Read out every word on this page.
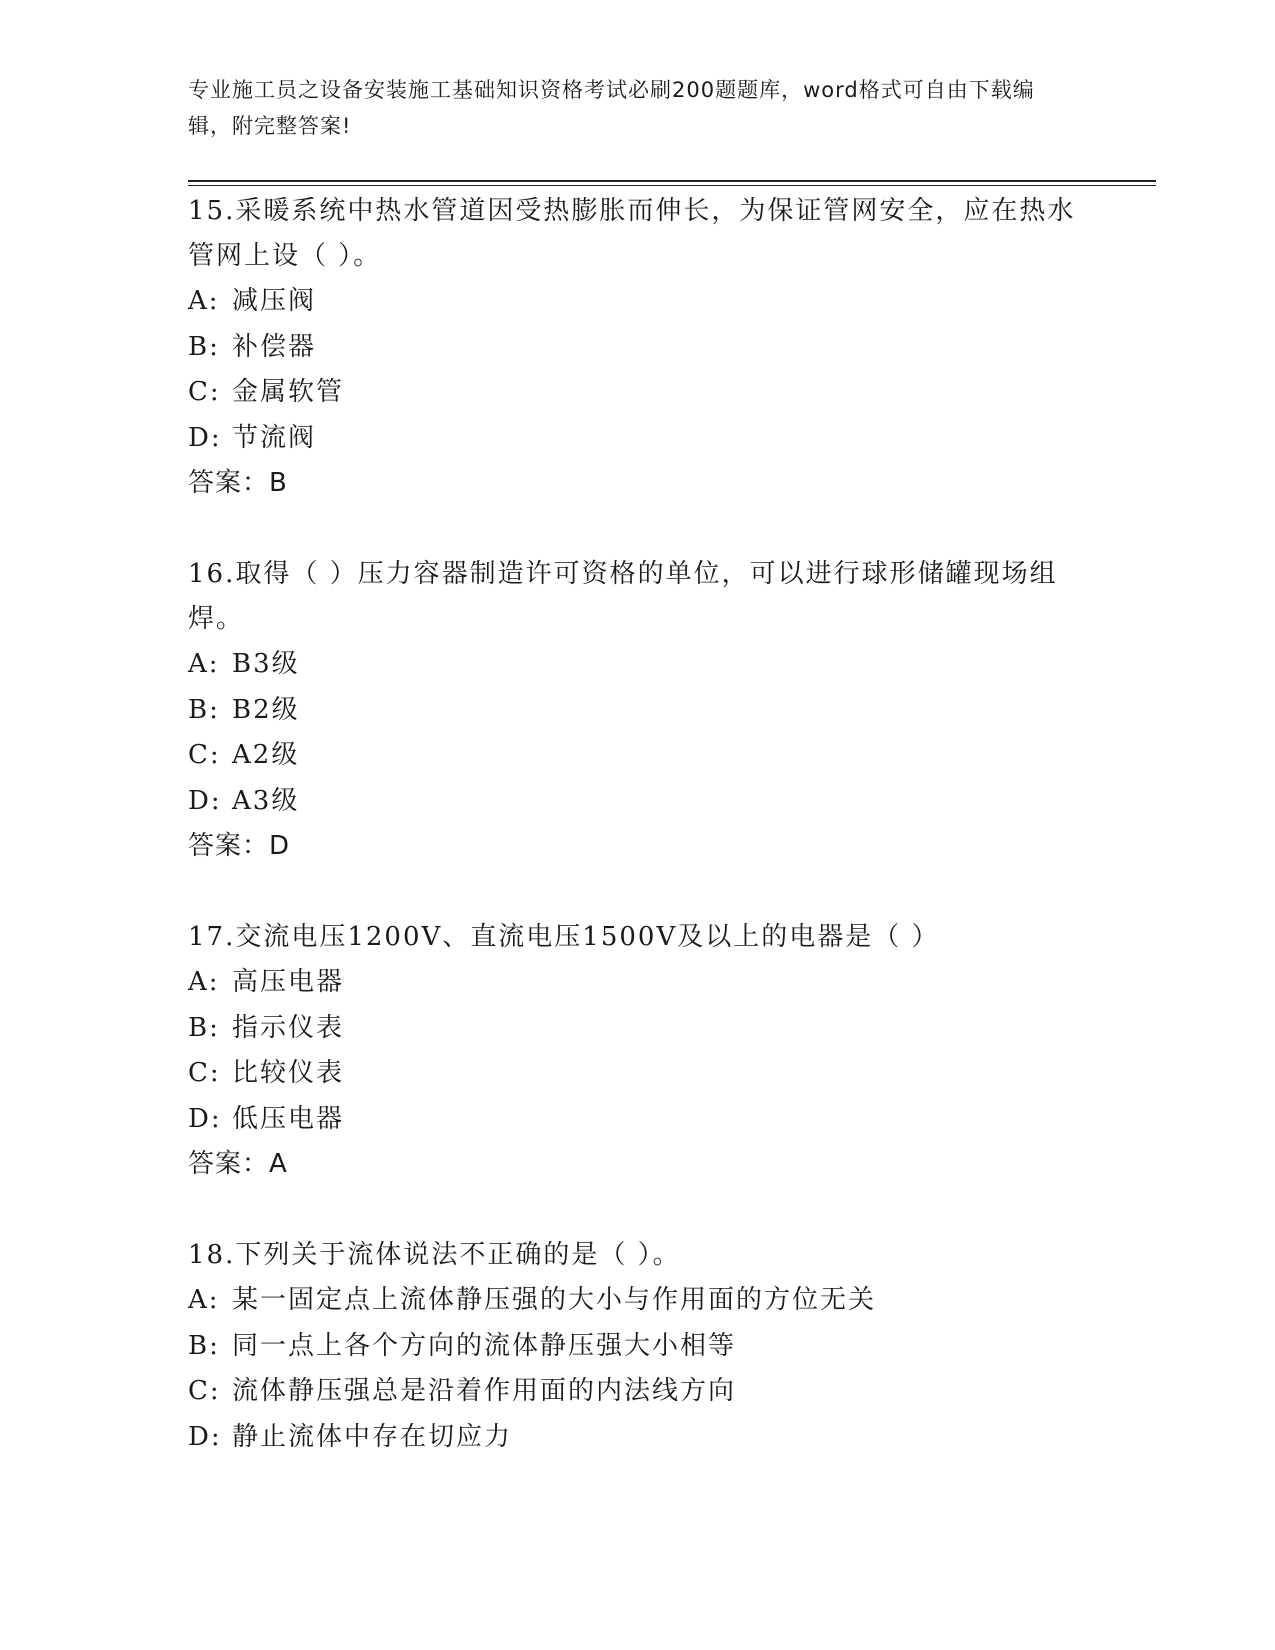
专业施工员之设备安装施工基础知识资格考试必刷200题题库，word格式可自由下载编辑，附完整答案!

15.采暖系统中热水管道因受热膨胀而伸长，为保证管网安全，应在热水管网上设（ ）。

A: 减压阀

B: 补偿器

C: 金属软管

D: 节流阀

答案：B

16.取得（ ）压力容器制造许可资格的单位，可以进行球形储罐现场组焊。

A: B3级

B: B2级

C: A2级

D: A3级

答案：D

17.交流电压1200V、直流电压1500V及以上的电器是（ ）

A: 高压电器

B: 指示仪表

C: 比较仪表

D: 低压电器

答案：A

18.下列关于流体说法不正确的是（ ）。

A: 某一固定点上流体静压强的大小与作用面的方位无关

B: 同一点上各个方向的流体静压强大小相等

C: 流体静压强总是沿着作用面的内法线方向

D: 静止流体中存在切应力
